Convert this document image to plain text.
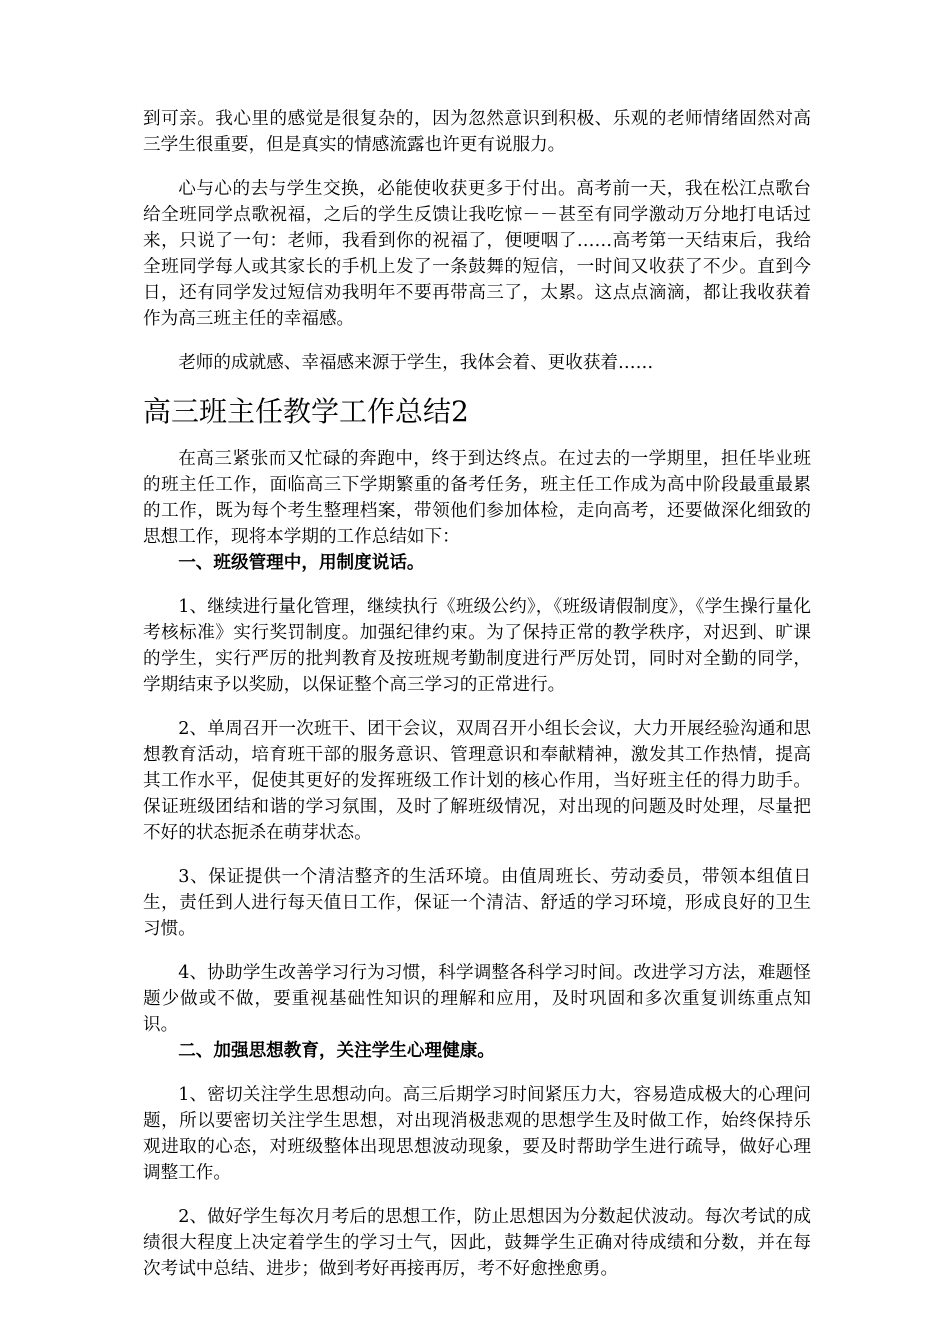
到可亲。我心里的感觉是很复杂的，因为忽然意识到积极、乐观的老师情绪固然对高三学生很重要，但是真实的情感流露也许更有说服力。

心与心的去与学生交换，必能使收获更多于付出。高考前一天，我在松江点歌台给全班同学点歌祝福，之后的学生反馈让我吃惊－－甚至有同学激动万分地打电话过来，只说了一句：老师，我看到你的祝福了，便哽咽了……高考第一天结束后，我给全班同学每人或其家长的手机上发了一条鼓舞的短信，一时间又收获了不少。直到今日，还有同学发过短信劝我明年不要再带高三了，太累。这点点滴滴，都让我收获着作为高三班主任的幸福感。

老师的成就感、幸福感来源于学生，我体会着、更收获着……

高三班主任教学工作总结2

在高三紧张而又忙碌的奔跑中，终于到达终点。在过去的一学期里，担任毕业班的班主任工作，面临高三下学期繁重的备考任务，班主任工作成为高中阶段最重最累的工作，既为每个考生整理档案，带领他们参加体检，走向高考，还要做深化细致的思想工作，现将本学期的工作总结如下：

一、班级管理中，用制度说话。

1、继续进行量化管理，继续执行《班级公约》，《班级请假制度》，《学生操行量化考核标准》实行奖罚制度。加强纪律约束。为了保持正常的教学秩序，对迟到、旷课的学生，实行严厉的批判教育及按班规考勤制度进行严厉处罚，同时对全勤的同学，学期结束予以奖励，以保证整个高三学习的正常进行。

2、单周召开一次班干、团干会议，双周召开小组长会议，大力开展经验沟通和思想教育活动，培育班干部的服务意识、管理意识和奉献精神，激发其工作热情，提高其工作水平，促使其更好的发挥班级工作计划的核心作用，当好班主任的得力助手。保证班级团结和谐的学习氛围，及时了解班级情况，对出现的问题及时处理，尽量把不好的状态扼杀在萌芽状态。

3、保证提供一个清洁整齐的生活环境。由值周班长、劳动委员，带领本组值日生，责任到人进行每天值日工作，保证一个清洁、舒适的学习环境，形成良好的卫生习惯。

4、协助学生改善学习行为习惯，科学调整各科学习时间。改进学习方法，难题怪题少做或不做，要重视基础性知识的理解和应用，及时巩固和多次重复训练重点知识。

二、加强思想教育，关注学生心理健康。

1、密切关注学生思想动向。高三后期学习时间紧压力大，容易造成极大的心理问题，所以要密切关注学生思想，对出现消极悲观的思想学生及时做工作，始终保持乐观进取的心态，对班级整体出现思想波动现象，要及时帮助学生进行疏导，做好心理调整工作。

2、做好学生每次月考后的思想工作，防止思想因为分数起伏波动。每次考试的成绩很大程度上决定着学生的学习士气，因此，鼓舞学生正确对待成绩和分数，并在每次考试中总结、进步；做到考好再接再厉，考不好愈挫愈勇。
